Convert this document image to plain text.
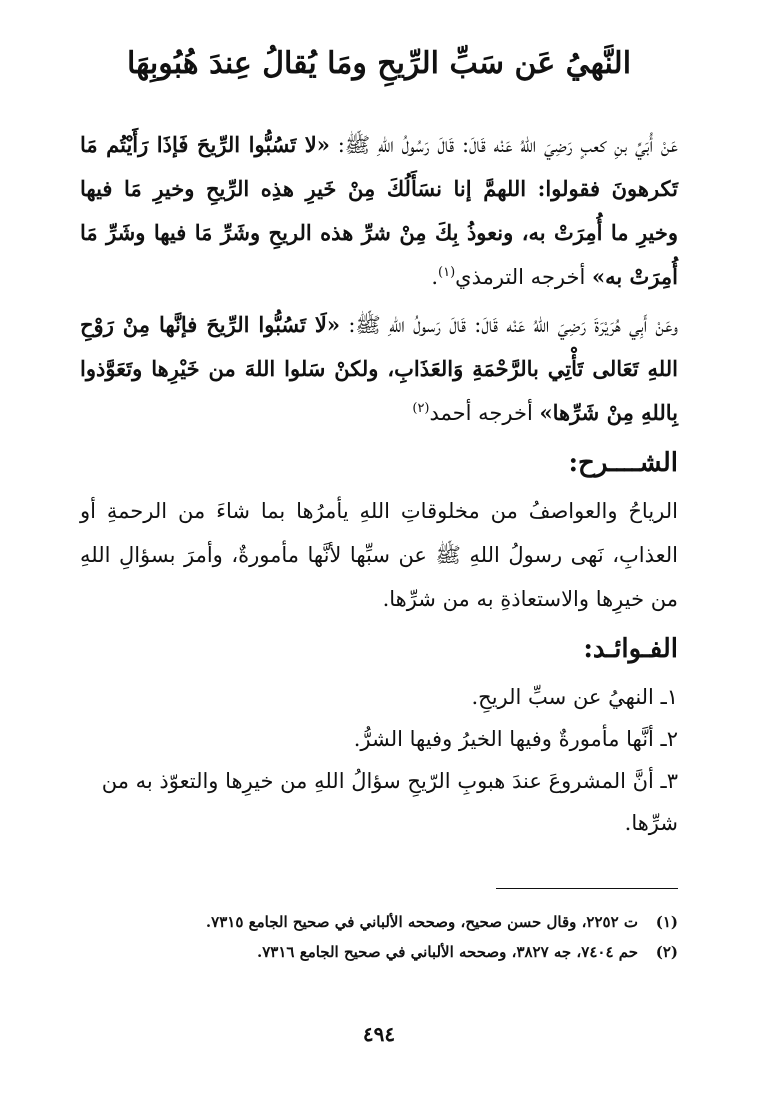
النَّهيُ عَن سَبِّ الرِّيحِ ومَا يُقالُ عِندَ هُبُوبِهَا

عَنْ أُبَيِّ بنِ كعبٍ رَضِيَ اللهُ عَنْه قَالَ: قَالَ رَسُولُ اللهِ ﷺ: «لا تَسُبُّوا الرِّيحَ فَإذَا رَأَيْتُم مَا تَكرهونَ فقولوا: اللهمَّ إنا نسَأَلُكَ مِنْ خَيرِ هذِه الرِّيحِ وخيرِ مَا فيها وخيرِ ما أُمِرَتْ به، ونعوذُ بِكَ مِنْ شرِّ هذه الريحِ وشَرِّ مَا فيها وشَرِّ مَا أُمِرَتْ به» أخرجه الترمذي$^{(١)}$.

وعَنْ أَبِي هُرَيْرَةَ رَضِيَ اللهُ عَنْه قَالَ: قَالَ رَسولُ اللهِ ﷺ: «لَا تَسُبُّوا الرِّيحَ فإنَّها مِنْ رَوْحِ اللهِ تَعَالى تَأْتِي بالرَّحْمَةِ وَالعَذَابِ، ولكنْ سَلوا اللهَ من خَيْرِها وتَعَوَّذوا بِاللهِ مِنْ شَرِّها» أخرجه أحمد$^{(٢)}$

الشــــرح:

الرياحُ والعواصفُ من مخلوقاتِ اللهِ يأمرُها بما شاءَ من الرحمةِ أو العذابِ، نَهى رسولُ اللهِ ﷺ عن سبِّها لأنَّها مأمورةٌ، وأمرَ بسؤالِ اللهِ من خيرِها والاستعاذةِ به من شرِّها.

الفـوائـد:
١ـ النهيُ عن سبِّ الريحِ.
٢ـ أنَّها مأمورةٌ وفيها الخيرُ وفيها الشرُّ.
٣ـ أنَّ المشروعَ عندَ هبوبِ الرّيحِ سؤالُ اللهِ من خيرِها والتعوّذ به من شرِّها.
(١)
ت ٢٢٥٢، وقال حسن صحيح، وصححه الألباني في صحيح الجامع ٧٣١٥.
(٢)
حم ٧٤٠٤، جه ٣٨٢٧، وصححه الألباني في صحيح الجامع ٧٣١٦.
٤٩٤
